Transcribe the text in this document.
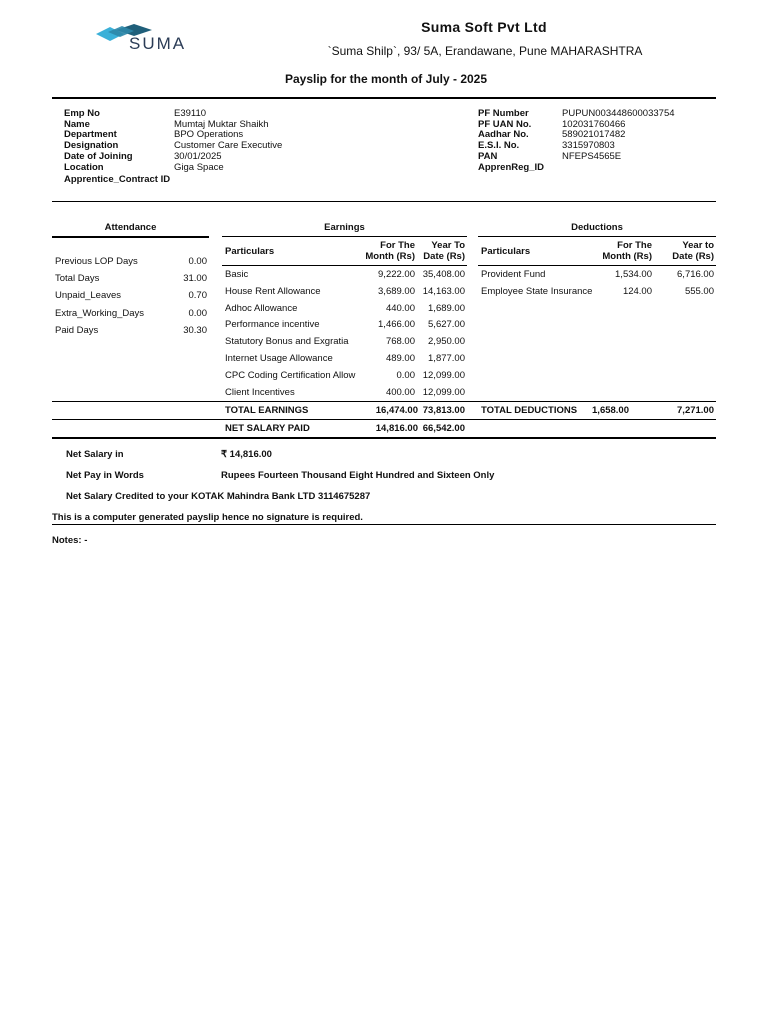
SUMA
Suma Soft Pvt Ltd
`Suma Shilp`, 93/ 5A, Erandawane, Pune MAHARASHTRA
Payslip for the month of July - 2025
Emp No	E39110
Name	Mumtaj Muktar Shaikh
Department	BPO Operations
Designation	Customer Care Executive
Date of Joining	30/01/2025
Location	Giga Space
Apprentice_Contract ID
PF Number	PUPUN003448600033754
PF UAN No.	102031760466
Aadhar No.	589021017482
E.S.I. No.	3315970803
PAN	NFEPS4565E
ApprenReg_ID
Attendance
Previous LOP Days	0.00
Total Days	31.00
Unpaid_Leaves	0.70
Extra_Working_Days	0.00
Paid Days	30.30
Earnings
Particulars
For The
Month (Rs)
Year To
Date (Rs)
Basic	9,222.00 35,408.00
House Rent Allowance	3,689.00 14,163.00
Adhoc Allowance	440.00	1,689.00
Performance incentive	1,466.00	5,627.00
Statutory Bonus and Exgratia	768.00	2,950.00
Internet Usage Allowance	489.00	1,877.00
CPC Coding Certification Allow	0.00 12,099.00
Client Incentives	400.00 12,099.00
Deductions
Particulars
For The
Month (Rs)
Year to
Date (Rs)
Provident Fund	1,534.00	6,716.00
Employee State Insurance	124.00	555.00
TOTAL EARNINGS	16,474.00 73,813.00 TOTAL DEDUCTIONS	1,658.00	7,271.00
NET SALARY PAID	14,816.00 66,542.00
Net Salary in	₹ 14,816.00
Net Pay in Words	Rupees Fourteen Thousand Eight Hundred and Sixteen Only
Net Salary Credited to your KOTAK Mahindra Bank LTD 3114675287
This is a computer generated payslip hence no signature is required.
Notes: -
